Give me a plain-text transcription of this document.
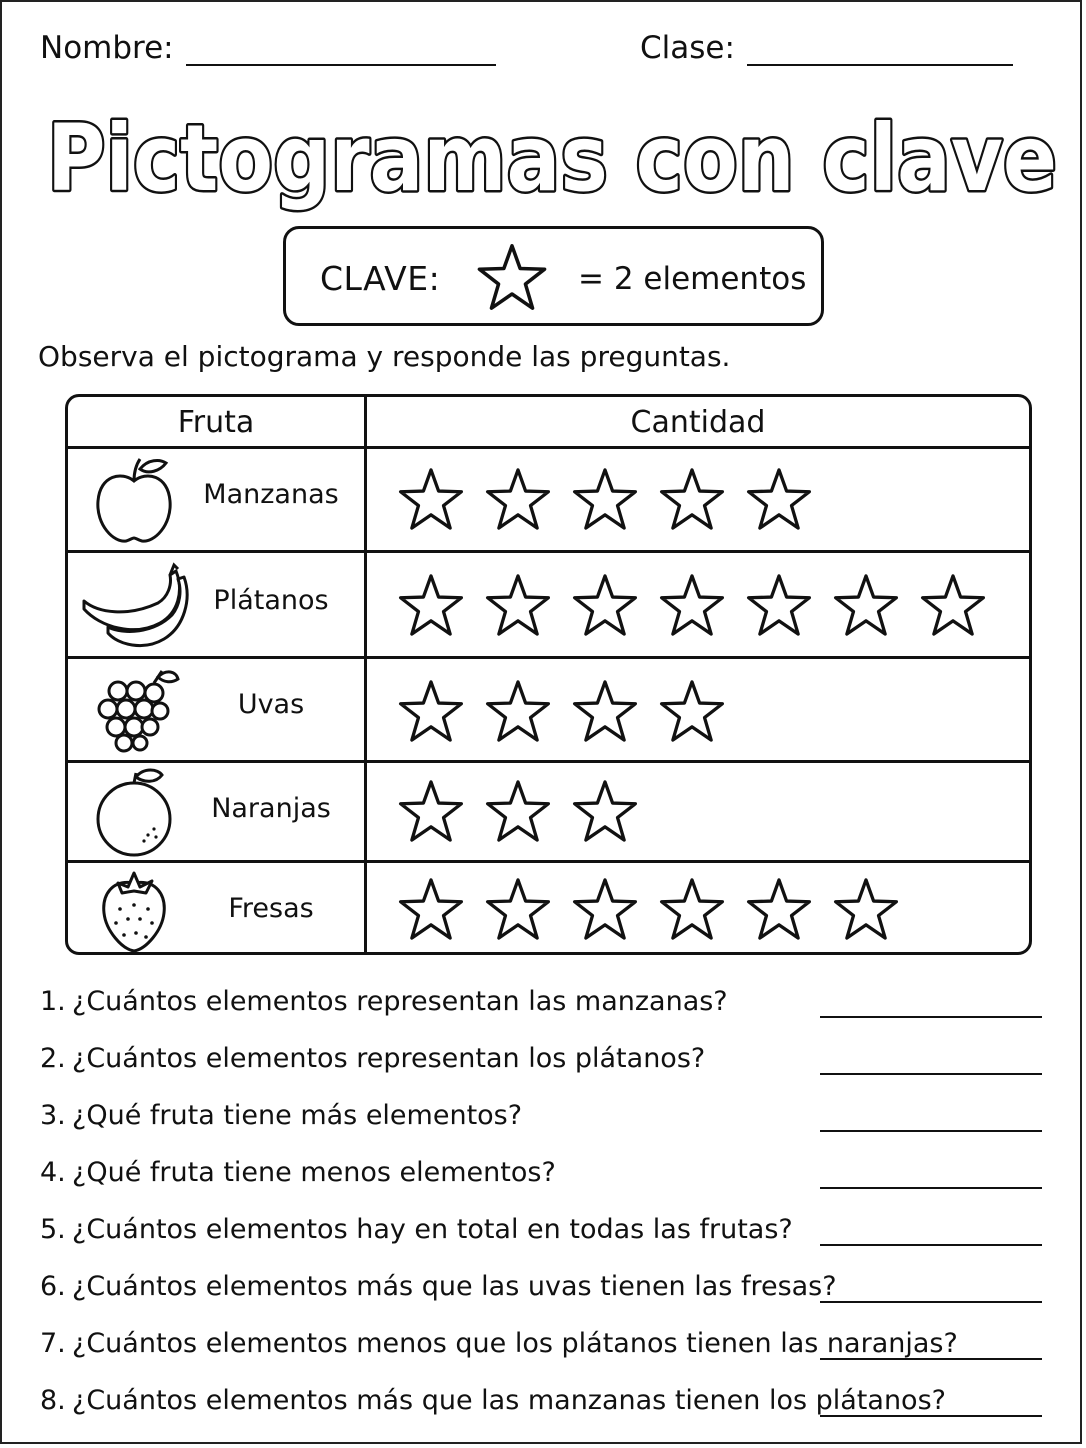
Nombre:	Clase:
Pictogramas con clave
CLAVE:	= 2 elementos
Observa el pictograma y responde las preguntas.
Fruta	Cantidad
Manzanas
Plátanos
Uvas
Naranjas
Fresas
1. ¿Cuántos elementos representan las manzanas?
2. ¿Cuántos elementos representan los plátanos?
3. ¿Qué fruta tiene más elementos?
4. ¿Qué fruta tiene menos elementos?
5. ¿Cuántos elementos hay en total en todas las frutas?
6. ¿Cuántos elementos más que las uvas tienen las fresas?
7. ¿Cuántos elementos menos que los plátanos tienen las naranjas?
8. ¿Cuántos elementos más que las manzanas tienen los plátanos?
